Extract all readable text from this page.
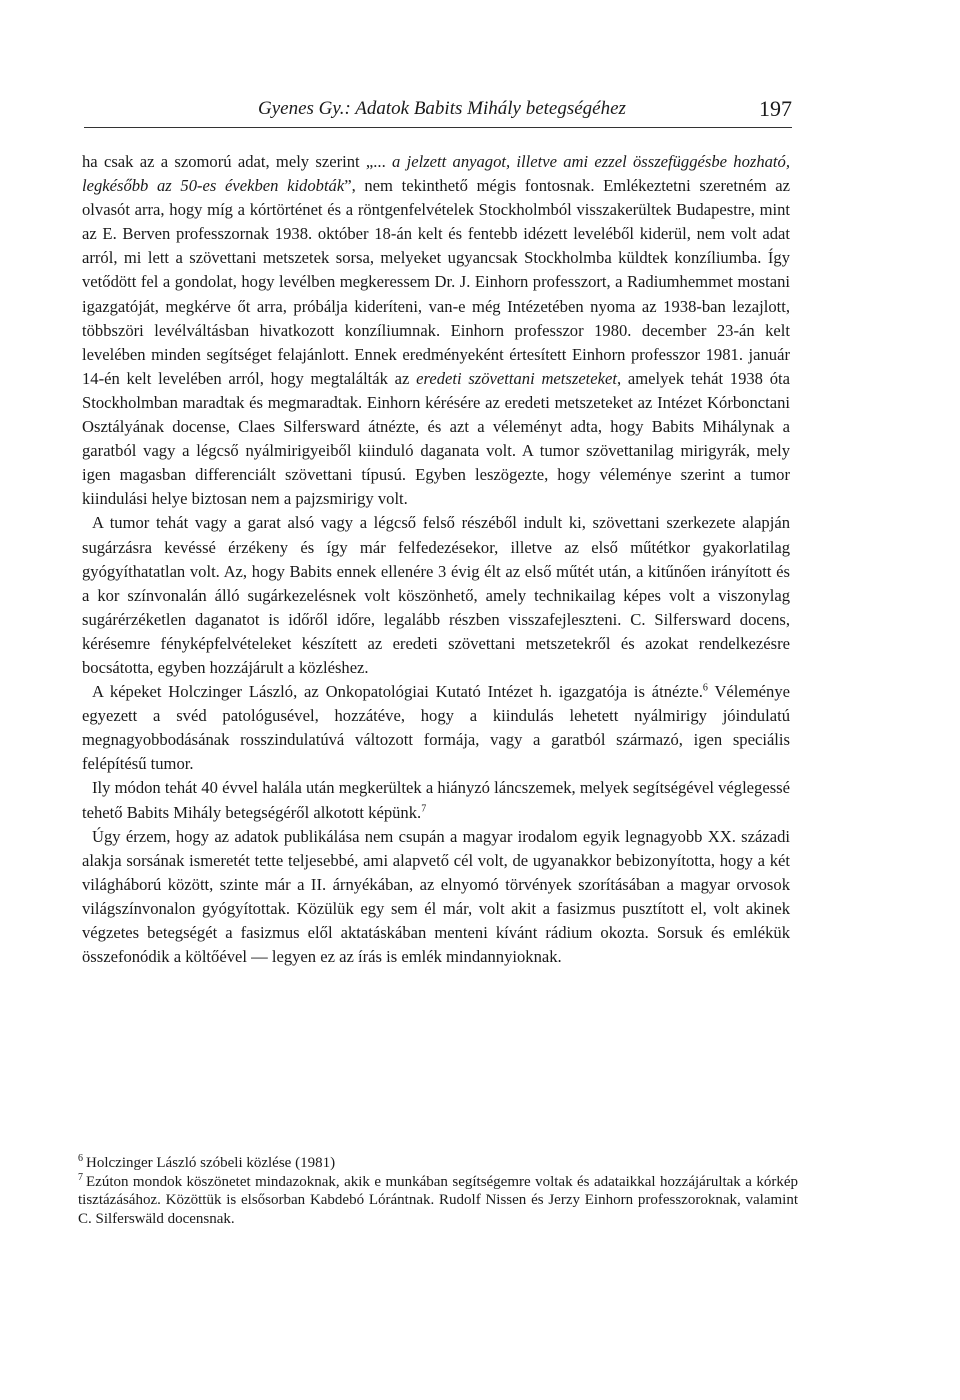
Gyenes Gy.: Adatok Babits Mihály betegségéhez	197

ha csak az a szomorú adat, mely szerint „... a jelzett anyagot, illetve ami ezzel összefüggésbe hozható, legkésőbb az 50-es években kidobták”, nem tekinthető mégis fontosnak. Emlékeztetni szeretném az olvasót arra, hogy míg a kórtörténet és a röntgenfelvételek Stockholmból visszakerültek Budapestre, mint az E. Berven professzornak 1938. október 18-án kelt és fentebb idézett leveléből kiderül, nem volt adat arról, mi lett a szövettani metszetek sorsa, melyeket ugyancsak Stockholmba küldtek konzíliumba. Így vetődött fel a gondolat, hogy levélben megkeressem Dr. J. Einhorn professzort, a Radiumhemmet mostani igazgatóját, megkérve őt arra, próbálja kideríteni, van-e még Intézetében nyoma az 1938-ban lezajlott, többszöri levélváltásban hivatkozott konzíliumnak. Einhorn professzor 1980. december 23-án kelt levelében minden segítséget felajánlott. Ennek eredményeként értesített Einhorn professzor 1981. január 14-én kelt levelében arról, hogy megtalálták az eredeti szövettani metszeteket, amelyek tehát 1938 óta Stockholmban maradtak és megmaradtak. Einhorn kérésére az eredeti metszeteket az Intézet Kórbonctani Osztályának docense, Claes Silfersward átnézte, és azt a véleményt adta, hogy Babits Mihálynak a garatból vagy a légcső nyálmirigyeiből kiinduló daganata volt. A tumor szövettanilag mirigyrák, mely igen magasban differenciált szövettani típusú. Egyben leszögezte, hogy véleménye szerint a tumor kiindulási helye biztosan nem a pajzsmirigy volt.

A tumor tehát vagy a garat alsó vagy a légcső felső részéből indult ki, szövettani szerkezete alapján sugárzásra kevéssé érzékeny és így már felfedezésekor, illetve az első műtétkor gyakorlatilag gyógyíthatatlan volt. Az, hogy Babits ennek ellenére 3 évig élt az első műtét után, a kitűnően irányított és a kor színvonalán álló sugárkezelésnek volt köszönhető, amely technikailag képes volt a viszonylag sugárérzéketlen daganatot is időről időre, legalább részben visszafejleszteni. C. Silfersward docens, kérésemre fényképfelvételeket készített az eredeti szövettani metszetekről és azokat rendelkezésre bocsátotta, egyben hozzájárult a közléshez.

A képeket Holczinger László, az Onkopatológiai Kutató Intézet h. igazgatója is átnézte.$^6$ Véleménye egyezett a svéd patológusével, hozzátéve, hogy a kiindulás lehetett nyálmirigy jóindulatú megnagyobbodásának rosszindulatúvá változott formája, vagy a garatból származó, igen speciális felépítésű tumor.

Ily módon tehát 40 évvel halála után megkerültek a hiányzó láncszemek, melyek segítségével véglegessé tehető Babits Mihály betegségéről alkotott képünk.$^7$

Úgy érzem, hogy az adatok publikálása nem csupán a magyar irodalom egyik legnagyobb XX. századi alakja sorsának ismeretét tette teljesebbé, ami alapvető cél volt, de ugyanakkor bebizonyította, hogy a két világháború között, szinte már a II. árnyékában, az elnyomó törvények szorításában a magyar orvosok világszínvonalon gyógyítottak. Közülük egy sem él már, volt akit a fasizmus pusztított el, volt akinek végzetes betegségét a fasizmus elől aktatáskában menteni kívánt rádium okozta. Sorsuk és emlékük összefonódik a költőével — legyen ez az írás is emlék mindannyioknak.

$^6$ Holczinger László szóbeli közlése (1981)

$^7$ Ezúton mondok köszönetet mindazoknak, akik e munkában segítségemre voltak és adataikkal hozzájárultak a kórkép tisztázásához. Közöttük is elsősorban Kabdebó Lórántnak. Rudolf Nissen és Jerzy Einhorn professzoroknak, valamint C. Silferswäld docensnak.
